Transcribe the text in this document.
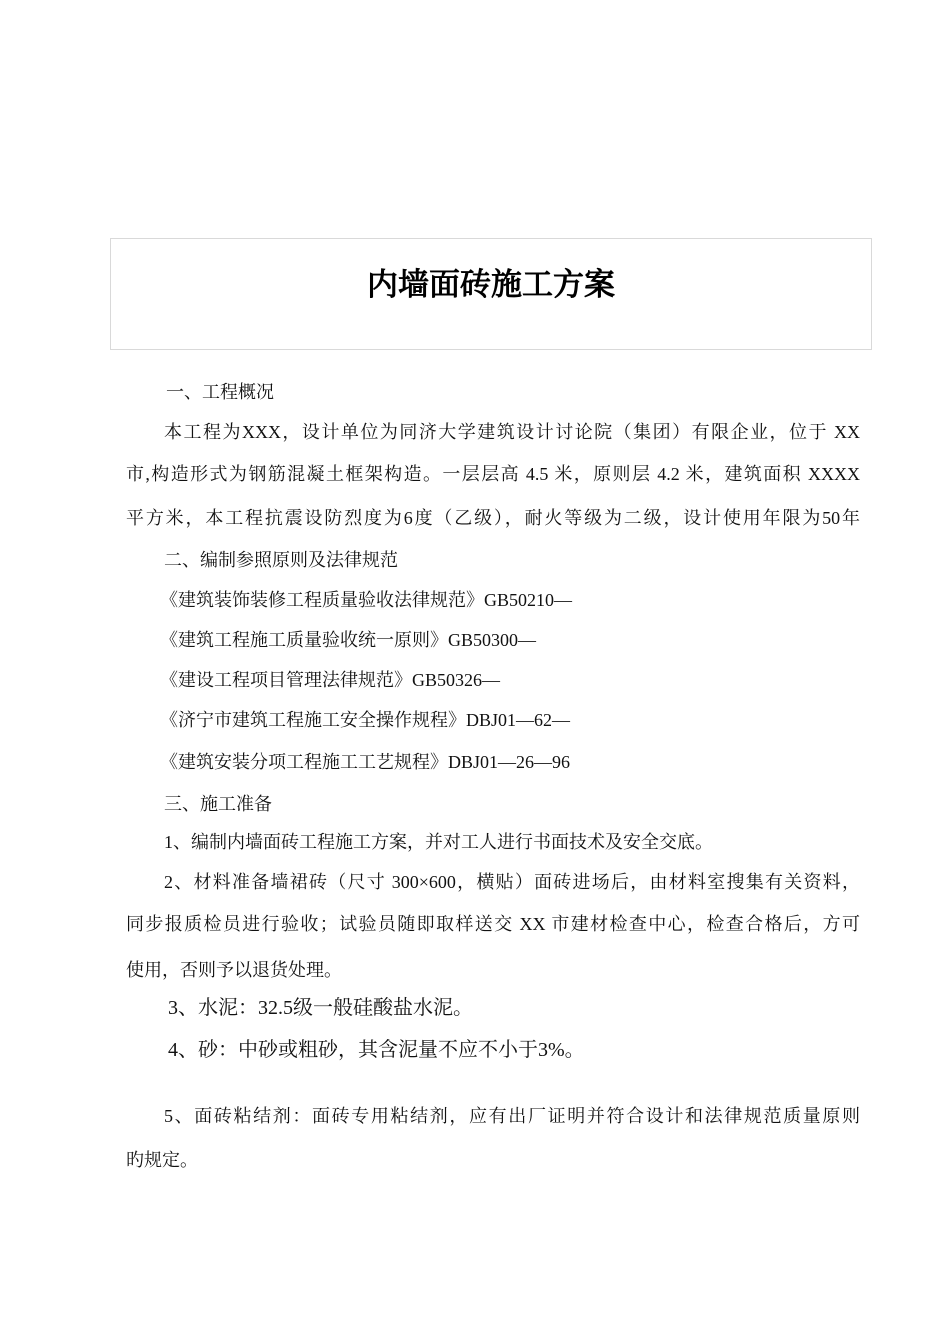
内墙面砖施工方案
一、工程概况
本工程为XXX，设计单位为同济大学建筑设计讨论院（集团）有限企业，位于 XX
市,构造形式为钢筋混凝土框架构造。一层层高 4.5 米，原则层 4.2 米，建筑面积 XXXX
平方米，本工程抗震设防烈度为6度（乙级），耐火等级为二级，设计使用年限为50年
二、编制参照原则及法律规范
《建筑装饰装修工程质量验收法律规范》GB50210—
《建筑工程施工质量验收统一原则》GB50300—
《建设工程项目管理法律规范》GB50326—
《济宁市建筑工程施工安全操作规程》DBJ01—62—
《建筑安装分项工程施工工艺规程》DBJ01—26—96
三、施工准备
1、编制内墙面砖工程施工方案，并对工人进行书面技术及安全交底。
2、材料准备墙裙砖（尺寸 300×600，横贴）面砖进场后，由材料室搜集有关资料，
同步报质检员进行验收；试验员随即取样送交 XX 市建材检查中心，检查合格后，方可
使用，否则予以退货处理。
3、水泥：32.5级一般硅酸盐水泥。
4、砂：中砂或粗砂，其含泥量不应不小于3%。
5、面砖粘结剂：面砖专用粘结剂，应有出厂证明并符合设计和法律规范质量原则
旳规定。
